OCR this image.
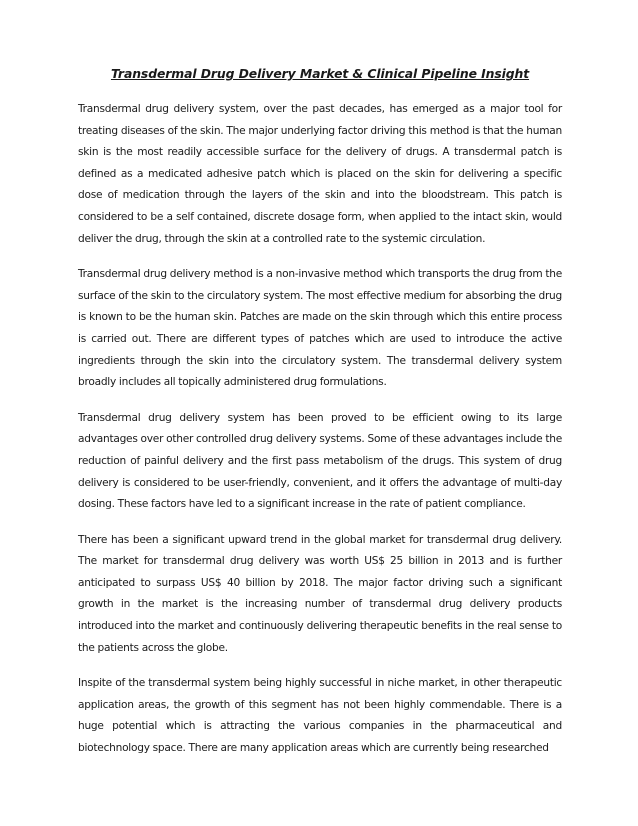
Transdermal Drug Delivery Market & Clinical Pipeline Insight

Transdermal drug delivery system, over the past decades, has emerged as a major tool for treating diseases of the skin. The major underlying factor driving this method is that the human skin is the most readily accessible surface for the delivery of drugs. A transdermal patch is defined as a medicated adhesive patch which is placed on the skin for delivering a specific dose of medication through the layers of the skin and into the bloodstream. This patch is considered to be a self contained, discrete dosage form, when applied to the intact skin, would deliver the drug, through the skin at a controlled rate to the systemic circulation.

Transdermal drug delivery method is a non-invasive method which transports the drug from the surface of the skin to the circulatory system. The most effective medium for absorbing the drug is known to be the human skin. Patches are made on the skin through which this entire process is carried out. There are different types of patches which are used to introduce the active ingredients through the skin into the circulatory system. The transdermal delivery system broadly includes all topically administered drug formulations.

Transdermal drug delivery system has been proved to be efficient owing to its large advantages over other controlled drug delivery systems. Some of these advantages include the reduction of painful delivery and the first pass metabolism of the drugs. This system of drug delivery is considered to be user-friendly, convenient, and it offers the advantage of multi-day dosing. These factors have led to a significant increase in the rate of patient compliance.

There has been a significant upward trend in the global market for transdermal drug delivery. The market for transdermal drug delivery was worth US$ 25 billion in 2013 and is further anticipated to surpass US$ 40 billion by 2018. The major factor driving such a significant growth in the market is the increasing number of transdermal drug delivery products introduced into the market and continuously delivering therapeutic benefits in the real sense to the patients across the globe.

Inspite of the transdermal system being highly successful in niche market, in other therapeutic application areas, the growth of this segment has not been highly commendable. There is a huge potential which is attracting the various companies in the pharmaceutical and biotechnology space. There are many application areas which are currently being researched
